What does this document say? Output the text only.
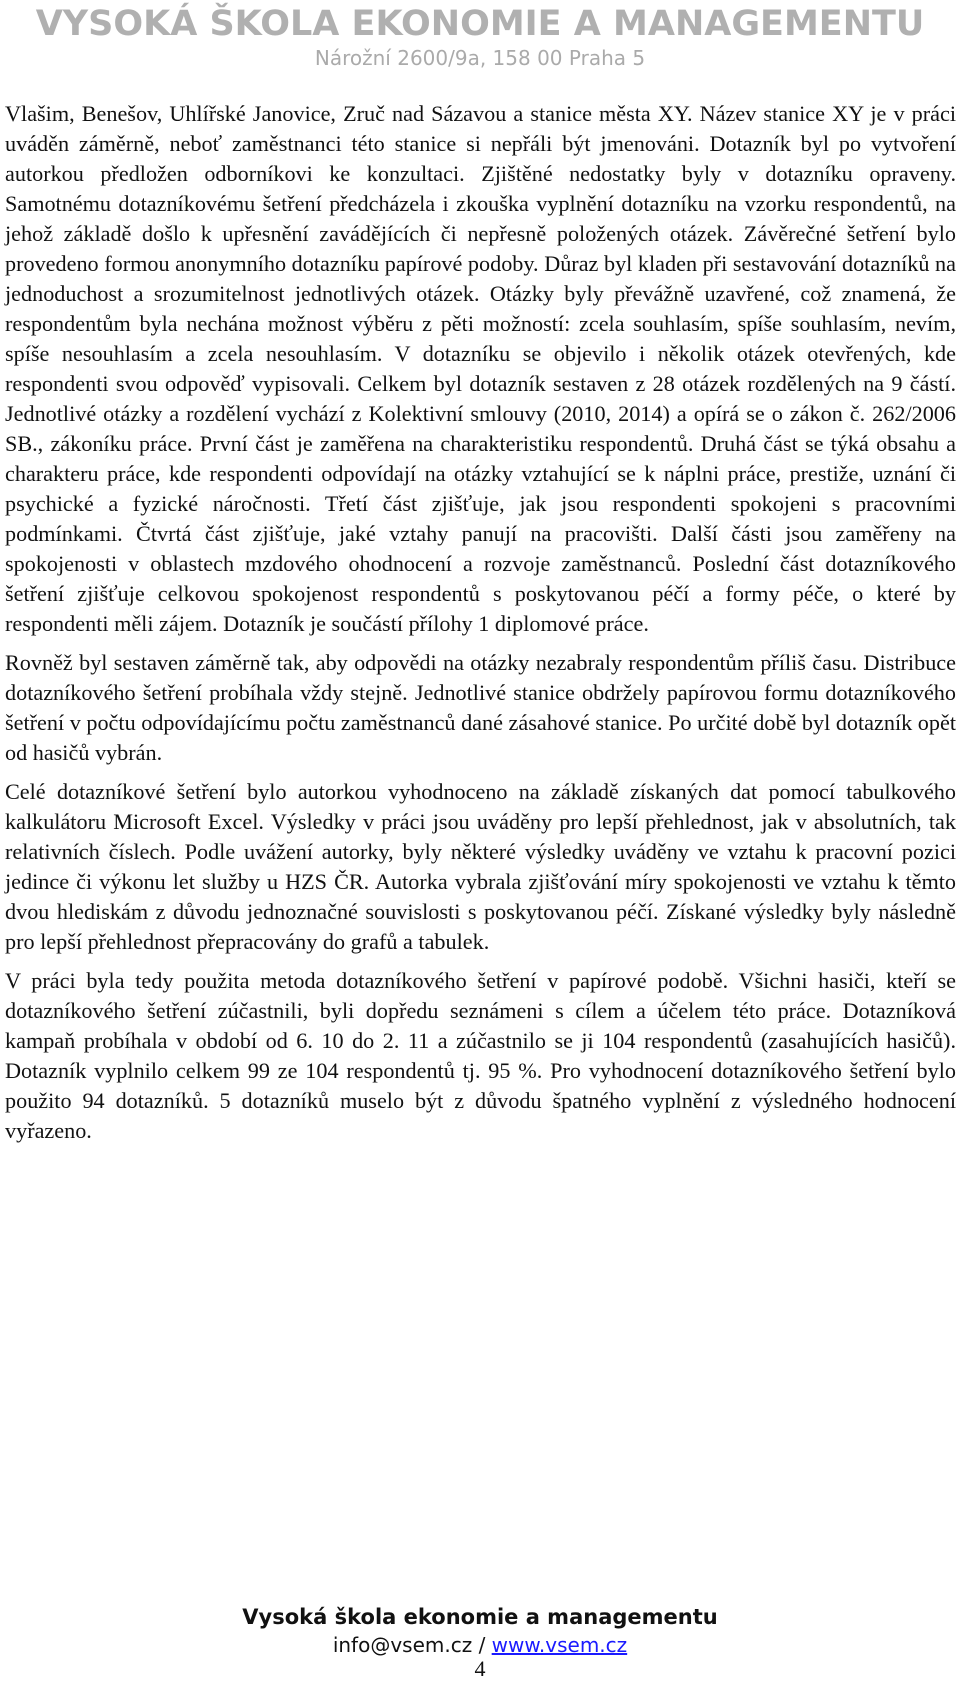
VYSOKÁ ŠKOLA EKONOMIE A MANAGEMENTU
Nárožní 2600/9a, 158 00 Praha 5

Vlašim, Benešov, Uhlířské Janovice, Zruč nad Sázavou a stanice města XY. Název stanice XY je v práci uváděn záměrně, neboť zaměstnanci této stanice si nepřáli být jmenováni. Dotazník byl po vytvoření autorkou předložen odborníkovi ke konzultaci. Zjištěné nedostatky byly v dotazníku opraveny. Samotnému dotazníkovému šetření předcházela i zkouška vyplnění dotazníku na vzorku respondentů, na jehož základě došlo k upřesnění zavádějících či nepřesně položených otázek. Závěrečné šetření bylo provedeno formou anonymního dotazníku papírové podoby. Důraz byl kladen při sestavování dotazníků na jednoduchost a srozumitelnost jednotlivých otázek. Otázky byly převážně uzavřené, což znamená, že respondentům byla nechána možnost výběru z pěti možností: zcela souhlasím, spíše souhlasím, nevím, spíše nesouhlasím a zcela nesouhlasím. V dotazníku se objevilo i několik otázek otevřených, kde respondenti svou odpověď vypisovali. Celkem byl dotazník sestaven z 28 otázek rozdělených na 9 částí. Jednotlivé otázky a rozdělení vychází z Kolektivní smlouvy (2010, 2014) a opírá se o zákon č. 262/2006 SB., zákoníku práce. První část je zaměřena na charakteristiku respondentů. Druhá část se týká obsahu a charakteru práce, kde respondenti odpovídají na otázky vztahující se k náplni práce, prestiže, uznání či psychické a fyzické náročnosti. Třetí část zjišťuje, jak jsou respondenti spokojeni s pracovními podmínkami. Čtvrtá část zjišťuje, jaké vztahy panují na pracovišti. Další části jsou zaměřeny na spokojenosti v oblastech mzdového ohodnocení a rozvoje zaměstnanců. Poslední část dotazníkového šetření zjišťuje celkovou spokojenost respondentů s poskytovanou péčí a formy péče, o které by respondenti měli zájem. Dotazník je součástí přílohy 1 diplomové práce.

Rovněž byl sestaven záměrně tak, aby odpovědi na otázky nezabraly respondentům příliš času. Distribuce dotazníkového šetření probíhala vždy stejně. Jednotlivé stanice obdržely papírovou formu dotazníkového šetření v počtu odpovídajícímu počtu zaměstnanců dané zásahové stanice. Po určité době byl dotazník opět od hasičů vybrán.

Celé dotazníkové šetření bylo autorkou vyhodnoceno na základě získaných dat pomocí tabulkového kalkulátoru Microsoft Excel. Výsledky v práci jsou uváděny pro lepší přehlednost, jak v absolutních, tak relativních číslech. Podle uvážení autorky, byly některé výsledky uváděny ve vztahu k pracovní pozici jedince či výkonu let služby u HZS ČR. Autorka vybrala zjišťování míry spokojenosti ve vztahu k těmto dvou hlediskám z důvodu jednoznačné souvislosti s poskytovanou péčí. Získané výsledky byly následně pro lepší přehlednost přepracovány do grafů a tabulek.

V práci byla tedy použita metoda dotazníkového šetření v papírové podobě. Všichni hasiči, kteří se dotazníkového šetření zúčastnili, byli dopředu seznámeni s cílem a účelem této práce. Dotazníková kampaň probíhala v období od 6. 10 do 2. 11 a zúčastnilo se ji 104 respondentů (zasahujících hasičů). Dotazník vyplnilo celkem 99 ze 104 respondentů tj. 95 %. Pro vyhodnocení dotazníkového šetření bylo použito 94 dotazníků. 5 dotazníků muselo být z důvodu špatného vyplnění z výsledného hodnocení vyřazeno.

Vysoká škola ekonomie a managementu
info@vsem.cz / www.vsem.cz
4
